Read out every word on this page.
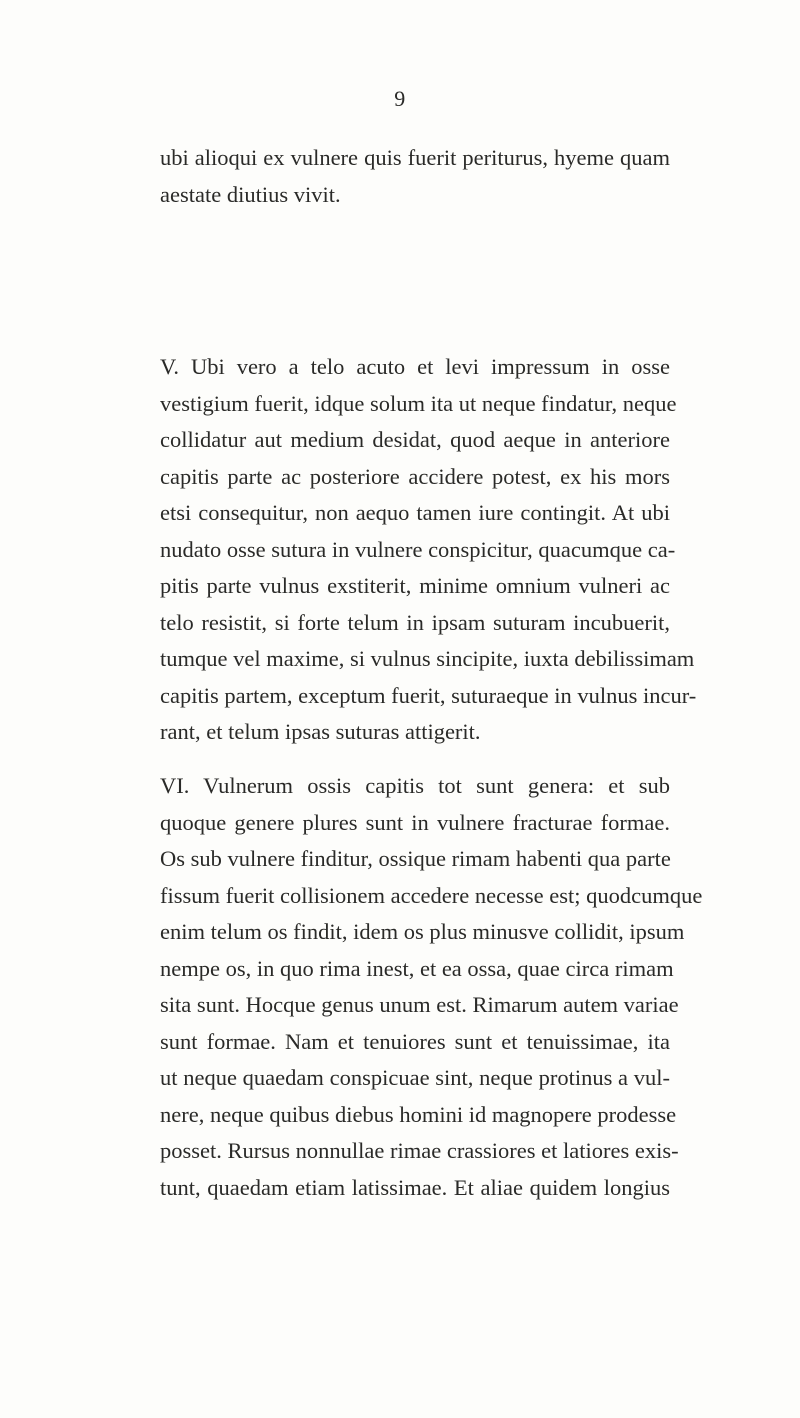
9
ubi alioqui ex vulnere quis fuerit periturus, hyeme quam
aestate diutius vivit.
V. Ubi vero a telo acuto et levi impressum in osse
vestigium fuerit, idque solum ita ut neque findatur, neque
collidatur aut medium desidat, quod aeque in anteriore
capitis parte ac posteriore accidere potest, ex his mors
etsi consequitur, non aequo tamen iure contingit. At ubi
nudato osse sutura in vulnere conspicitur, quacumque ca-
pitis parte vulnus exstiterit, minime omnium vulneri ac
telo resistit, si forte telum in ipsam suturam incubuerit,
tumque vel maxime, si vulnus sincipite, iuxta debilissimam
capitis partem, exceptum fuerit, suturaeque in vulnus incur-
rant, et telum ipsas suturas attigerit.
VI. Vulnerum ossis capitis tot sunt genera: et sub
quoque genere plures sunt in vulnere fracturae formae.
Os sub vulnere finditur, ossique rimam habenti qua parte
fissum fuerit collisionem accedere necesse est; quodcumque
enim telum os findit, idem os plus minusve collidit, ipsum
nempe os, in quo rima inest, et ea ossa, quae circa rimam
sita sunt. Hocque genus unum est. Rimarum autem variae
sunt formae. Nam et tenuiores sunt et tenuissimae, ita
ut neque quaedam conspicuae sint, neque protinus a vul-
nere, neque quibus diebus homini id magnopere prodesse
posset. Rursus nonnullae rimae crassiores et latiores exis-
tunt, quaedam etiam latissimae. Et aliae quidem longius
